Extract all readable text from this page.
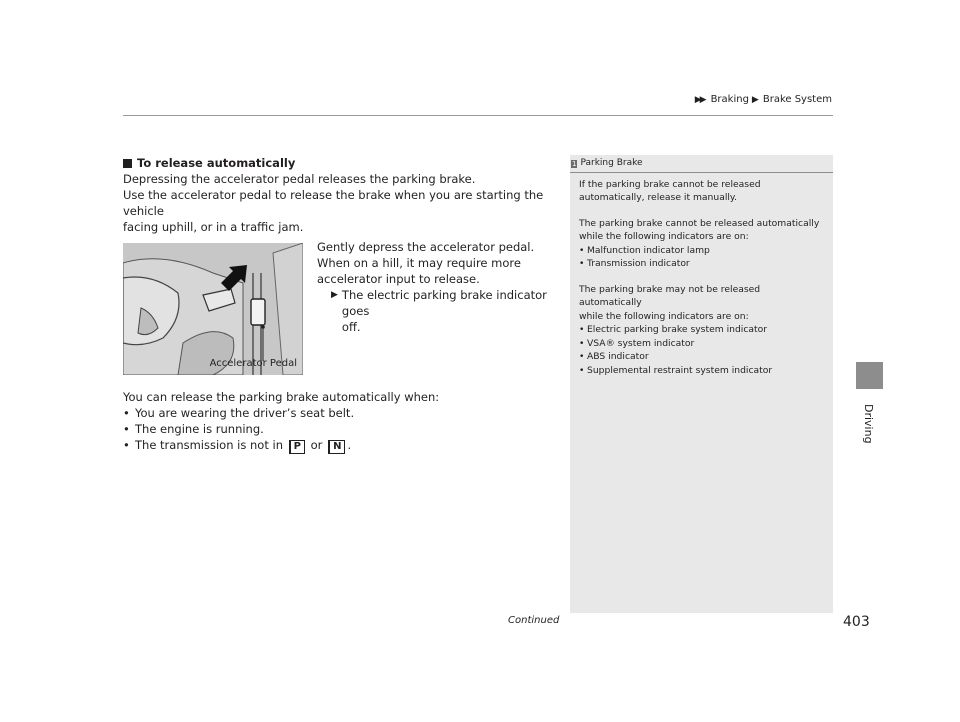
▶▶ Braking ▶ Brake System
Driving
To release automatically
Depressing the accelerator pedal releases the parking brake.
Use the accelerator pedal to release the brake when you are starting the vehicle
facing uphill, or in a traffic jam.
Accelerator Pedal
Gently depress the accelerator pedal.
When on a hill, it may require more
accelerator input to release.
▶ The electric parking brake indicator goes
off.
You can release the parking brake automatically when:
• You are wearing the driver’s seat belt.
• The engine is running.
• The transmission is not in P or N .
1 Parking Brake
If the parking brake cannot be released
automatically, release it manually.
The parking brake cannot be released automatically
while the following indicators are on:
• Malfunction indicator lamp
• Transmission indicator
The parking brake may not be released automatically
while the following indicators are on:
• Electric parking brake system indicator
• VSA® system indicator
• ABS indicator
• Supplemental restraint system indicator
Continued	403
